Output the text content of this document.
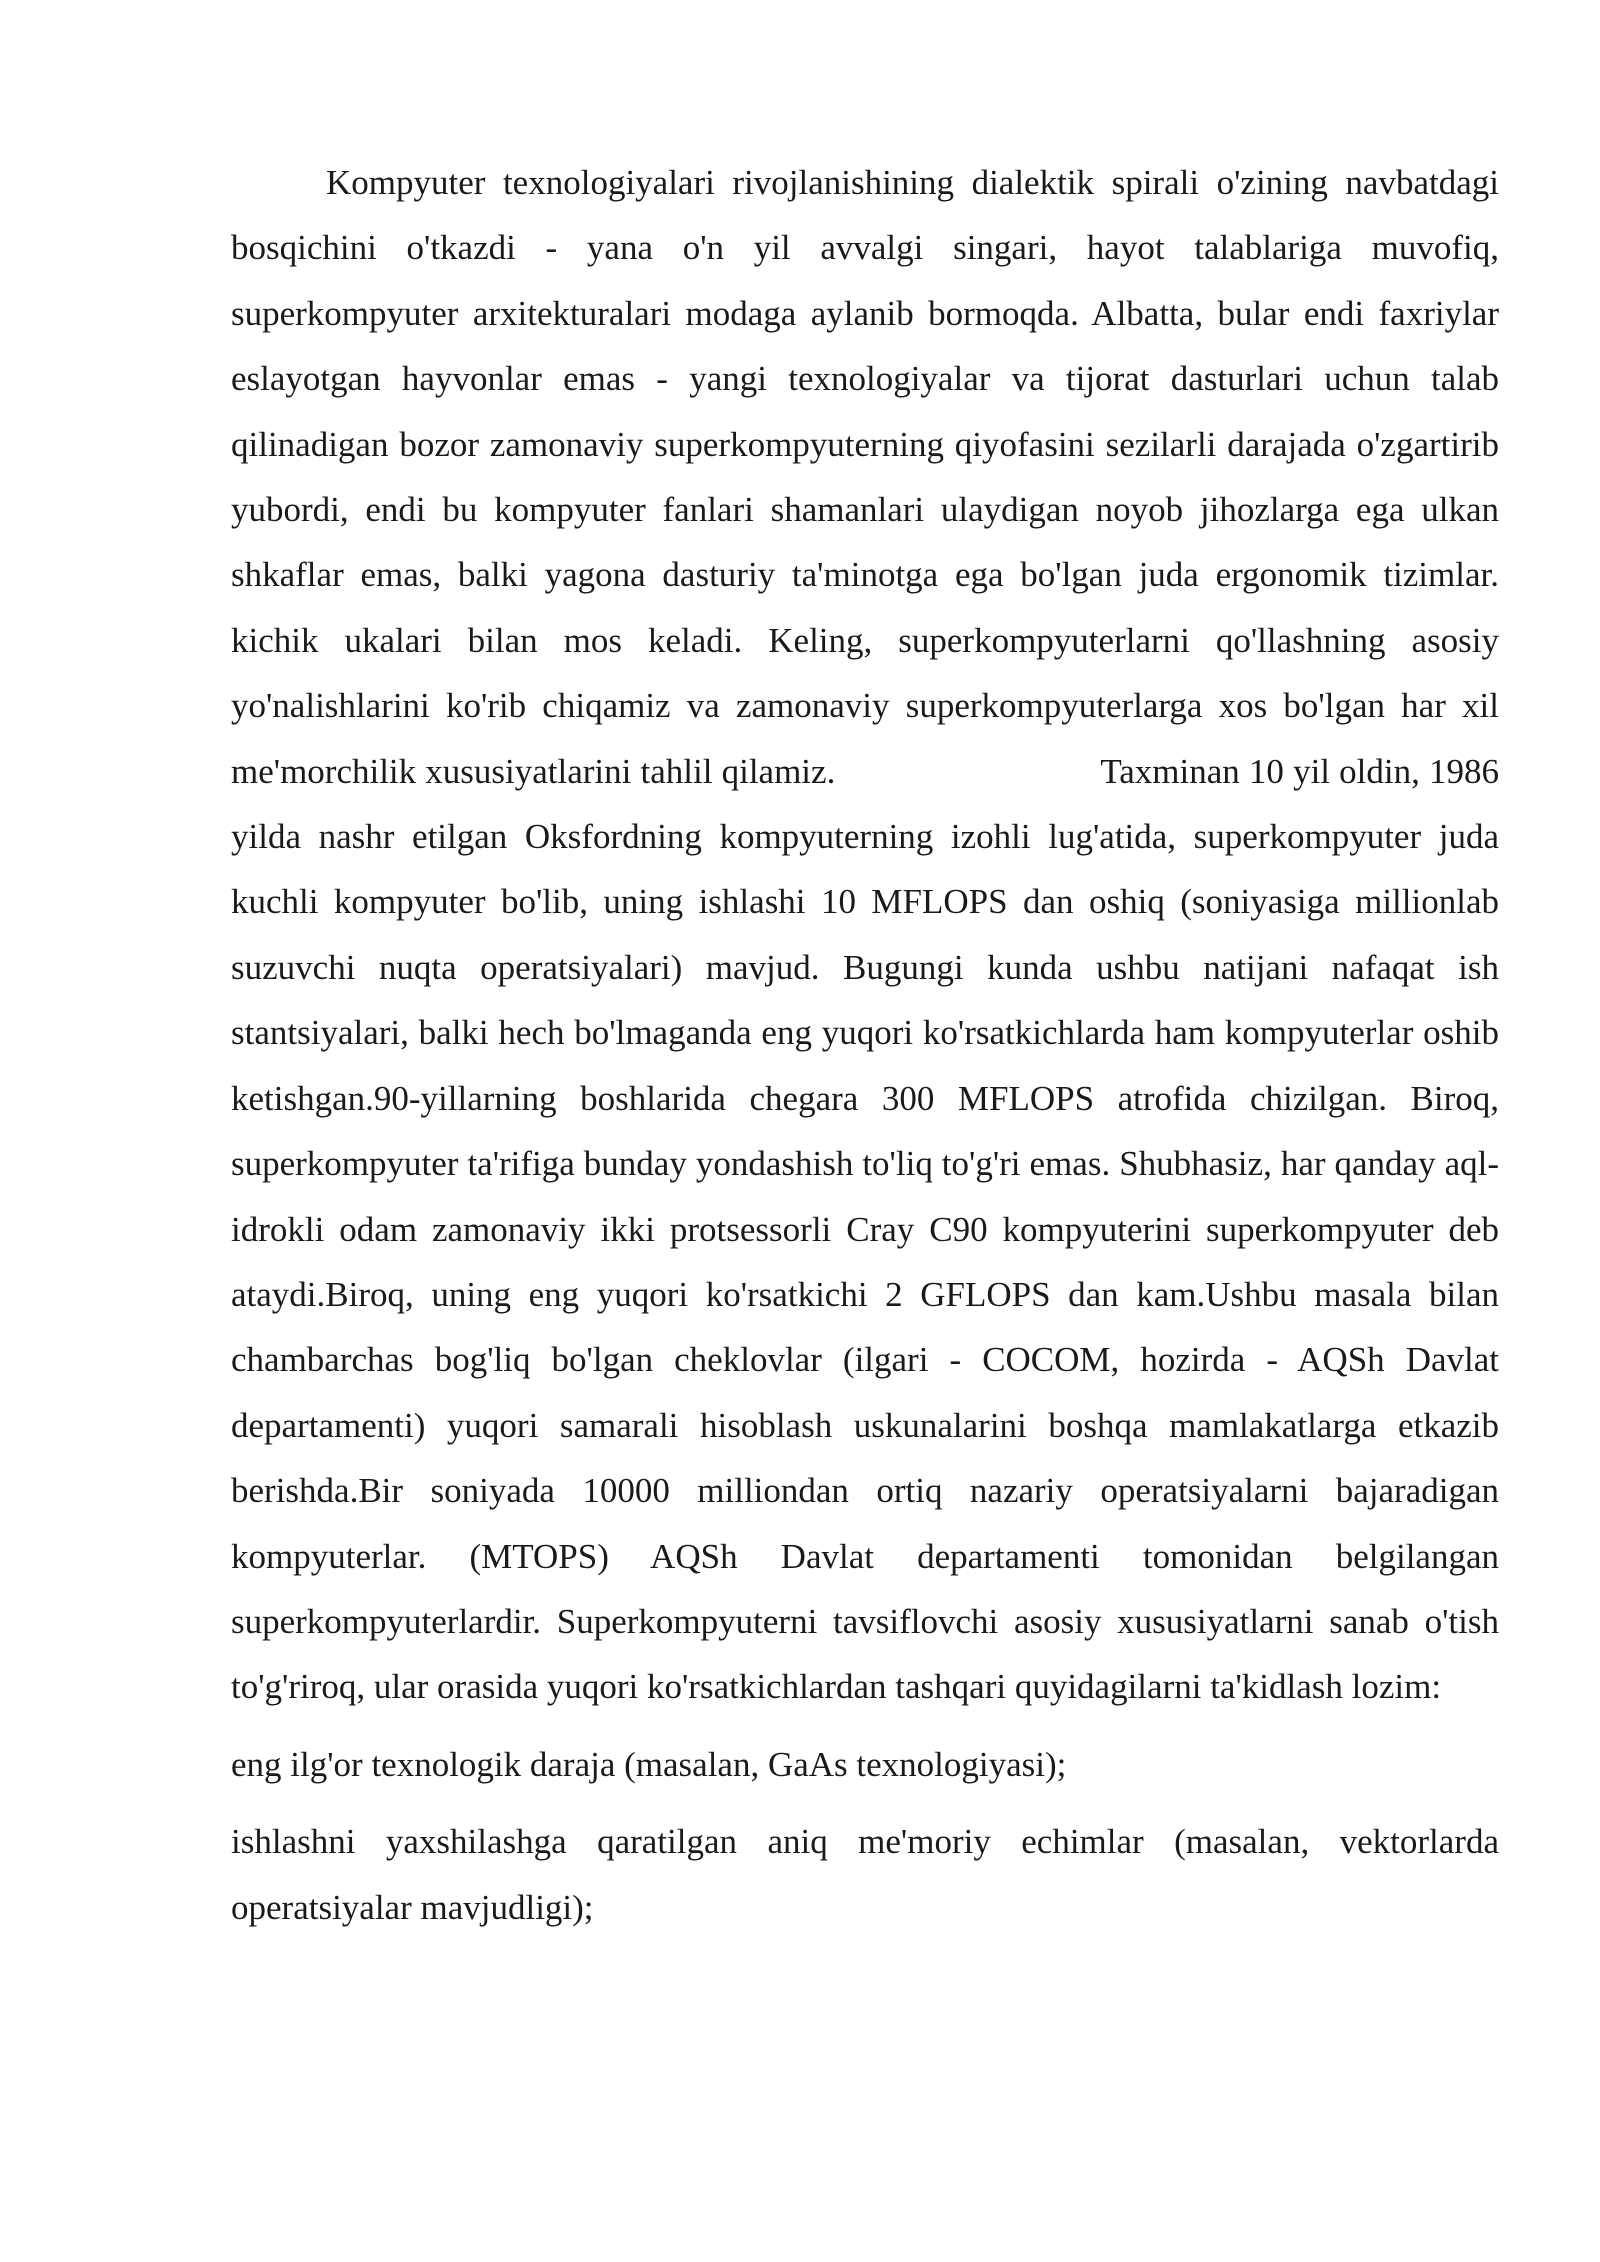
Kompyuter texnologiyalari rivojlanishining dialektik spirali o'zining navbatdagi bosqichini o'tkazdi - yana o'n yil avvalgi singari, hayot talablariga muvofiq, superkompyuter arxitekturalari modaga aylanib bormoqda. Albatta, bular endi faxriylar eslayotgan hayvonlar emas - yangi texnologiyalar va tijorat dasturlari uchun talab qilinadigan bozor zamonaviy superkompyuterning qiyofasini sezilarli darajada o'zgartirib yubordi, endi bu kompyuter fanlari shamanlari ulaydigan noyob jihozlarga ega ulkan shkaflar emas, balki yagona dasturiy ta'minotga ega bo'lgan juda ergonomik tizimlar. kichik ukalari bilan mos keladi. Keling, superkompyuterlarni qo'llashning asosiy yo'nalishlarini ko'rib chiqamiz va zamonaviy superkompyuterlarga xos bo'lgan har xil me'morchilik xususiyatlarini tahlil qilamiz.	Taxminan 10 yil oldin, 1986 yilda nashr etilgan Oksfordning kompyuterning izohli lug'atida, superkompyuter juda kuchli kompyuter bo'lib, uning ishlashi 10 MFLOPS dan oshiq (soniyasiga millionlab suzuvchi nuqta operatsiyalari) mavjud. Bugungi kunda ushbu natijani nafaqat ish stantsiyalari, balki hech bo'lmaganda eng yuqori ko'rsatkichlarda ham kompyuterlar oshib ketishgan.90-yillarning boshlarida chegara 300 MFLOPS atrofida chizilgan. Biroq, superkompyuter ta'rifiga bunday yondashish to'liq to'g'ri emas. Shubhasiz, har qanday aql-idrokli odam zamonaviy ikki protsessorli Cray C90 kompyuterini superkompyuter deb ataydi.Biroq, uning eng yuqori ko'rsatkichi 2 GFLOPS dan kam.Ushbu masala bilan chambarchas bog'liq bo'lgan cheklovlar (ilgari - COCOM, hozirda - AQSh Davlat departamenti) yuqori samarali hisoblash uskunalarini boshqa mamlakatlarga etkazib berishda.Bir soniyada 10000 milliondan ortiq nazariy operatsiyalarni bajaradigan kompyuterlar. (MTOPS) AQSh Davlat departamenti tomonidan belgilangan superkompyuterlardir. Superkompyuterni tavsiflovchi asosiy xususiyatlarni sanab o'tish to'g'riroq, ular orasida yuqori ko'rsatkichlardan tashqari quyidagilarni ta'kidlash lozim:

eng ilg'or texnologik daraja (masalan, GaAs texnologiyasi);

ishlashni yaxshilashga qaratilgan aniq me'moriy echimlar (masalan, vektorlarda operatsiyalar mavjudligi);
